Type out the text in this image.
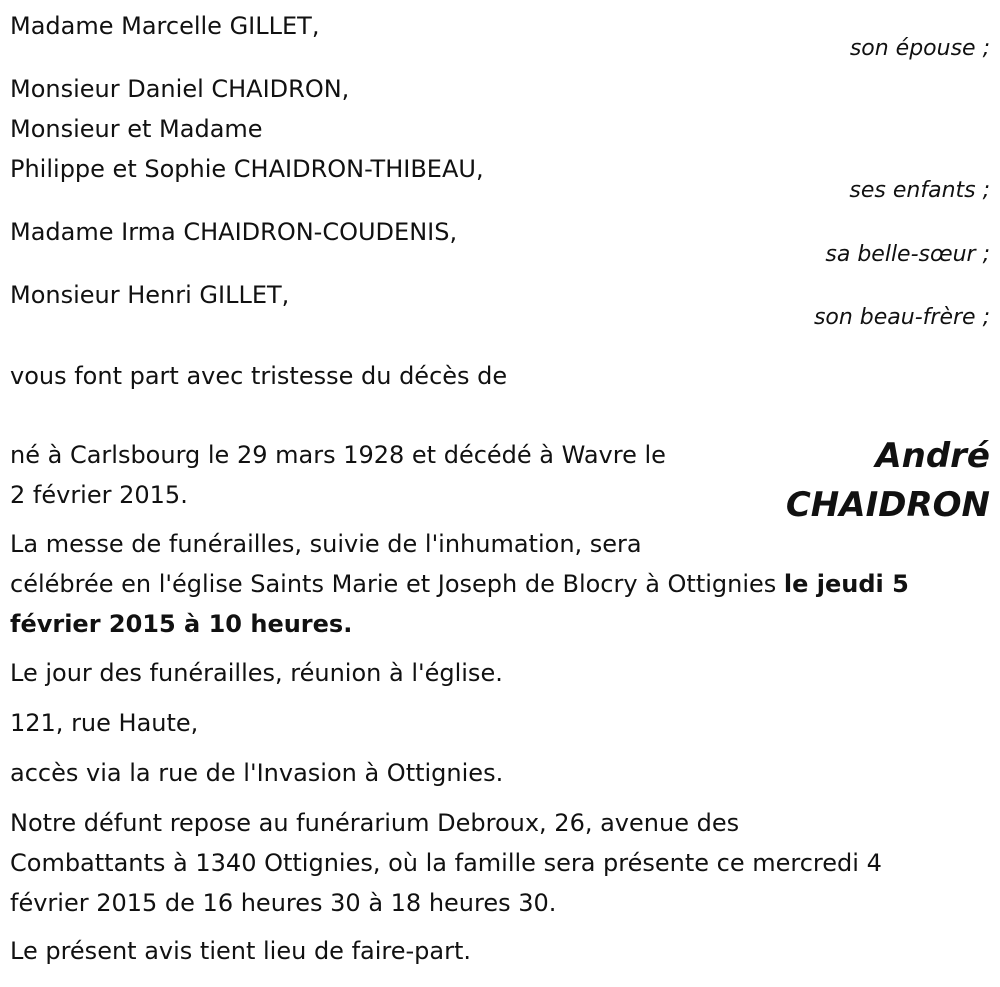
Madame Marcelle GILLET,
son épouse ;
Monsieur Daniel CHAIDRON,
Monsieur et Madame
Philippe et Sophie CHAIDRON-THIBEAU,
ses enfants ;
Madame Irma CHAIDRON-COUDENIS,
sa belle-sœur ;
Monsieur Henri GILLET,
son beau-frère ;
vous font part avec tristesse du décès de
André
CHAIDRON
né à Carlsbourg le 29 mars 1928 et décédé à Wavre le
2 février 2015.
La messe de funérailles, suivie de l'inhumation, sera
célébrée en l'église Saints Marie et Joseph de Blocry à Ottignies le jeudi 5
février 2015 à 10 heures.
Le jour des funérailles, réunion à l'église.
121, rue Haute,
accès via la rue de l'Invasion à Ottignies.
Notre défunt repose au funérarium Debroux, 26, avenue des
Combattants à 1340 Ottignies, où la famille sera présente ce mercredi 4
février 2015 de 16 heures 30 à 18 heures 30.
Le présent avis tient lieu de faire-part.
